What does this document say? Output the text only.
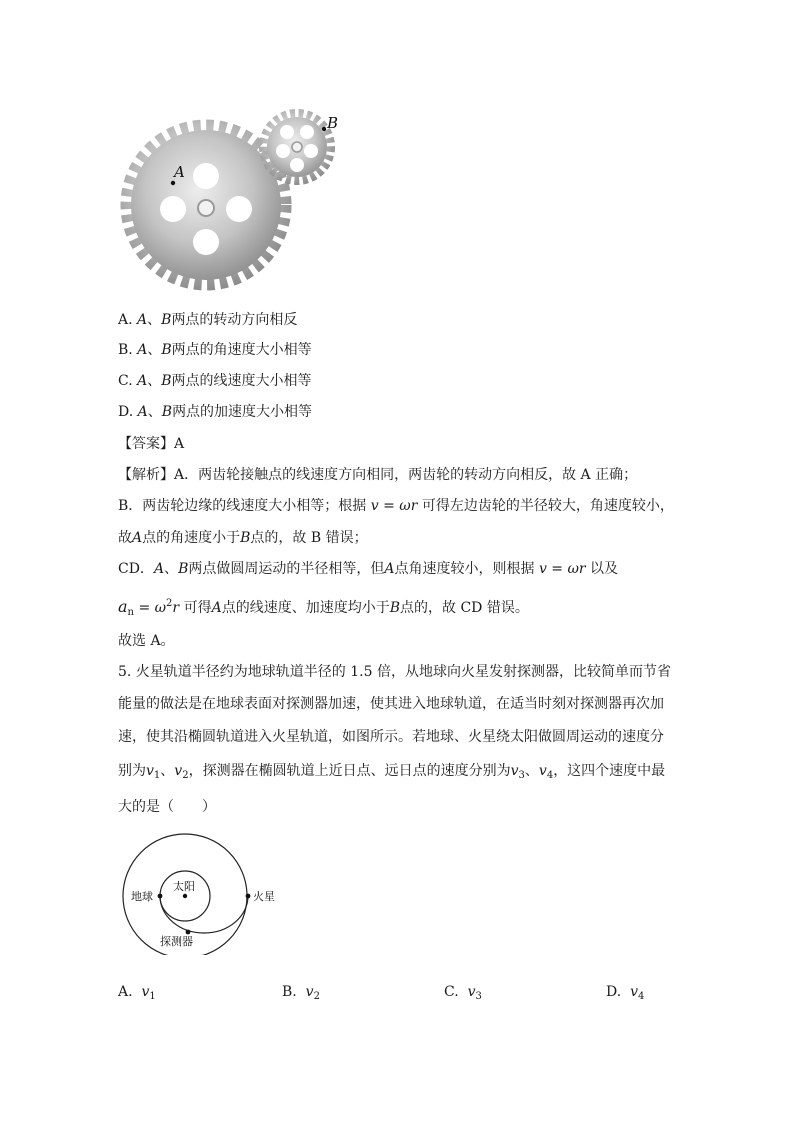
A
B
A. A、B两点的转动方向相反
B. A、B两点的角速度大小相等
C. A、B两点的线速度大小相等
D. A、B两点的加速度大小相等
【答案】A
【解析】A．两齿轮接触点的线速度方向相同，两齿轮的转动方向相反，故 A 正确；
B．两齿轮边缘的线速度大小相等；根据 v = ωr 可得左边齿轮的半径较大，角速度较小，
故A点的角速度小于B点的，故 B 错误；
CD．A、B两点做圆周运动的半径相等，但A点角速度较小，则根据 v = ωr 以及
$a_n = \omega^2r$ 可得A点的线速度、加速度均小于B点的，故 CD 错误。
故选 A。
5. 火星轨道半径约为地球轨道半径的 1.5 倍，从地球向火星发射探测器，比较简单而节省
能量的做法是在地球表面对探测器加速，使其进入地球轨道，在适当时刻对探测器再次加
速，使其沿椭圆轨道进入火星轨道，如图所示。若地球、火星绕太阳做圆周运动的速度分
别为$v_1$、$v_2$，探测器在椭圆轨道上近日点、远日点的速度分别为$v_3$、$v_4$，这四个速度中最
大的是（　　）
太阳
地球	火星
探测器
A. $v_1$	B. $v_2$	C. $v_3$	D. $v_4$
